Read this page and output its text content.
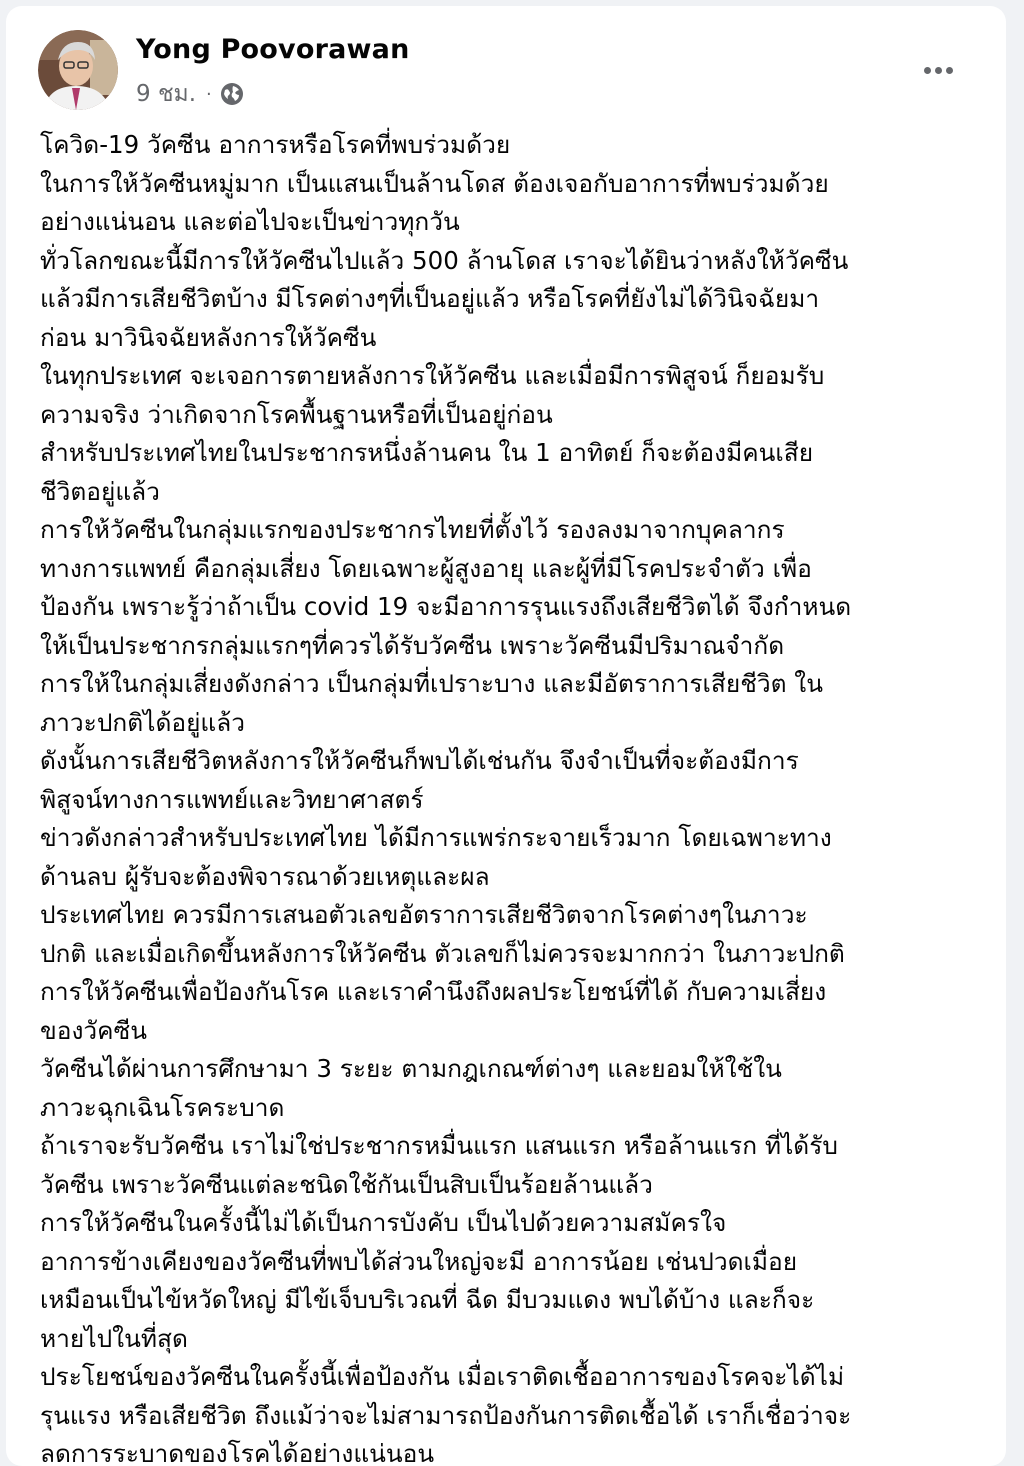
Yong Poovorawan
9 ชม. ·

โควิด-19 วัคซีน อาการหรือโรคที่พบร่วมด้วย

ในการให้วัคซีนหมู่มาก เป็นแสนเป็นล้านโดส ต้องเจอกับอาการที่พบร่วมด้วย

อย่างแน่นอน และต่อไปจะเป็นข่าวทุกวัน

ทั่วโลกขณะนี้มีการให้วัคซีนไปแล้ว 500 ล้านโดส เราจะได้ยินว่าหลังให้วัคซีน

แล้วมีการเสียชีวิตบ้าง มีโรคต่างๆที่เป็นอยู่แล้ว หรือโรคที่ยังไม่ได้วินิจฉัยมา

ก่อน มาวินิจฉัยหลังการให้วัคซีน

ในทุกประเทศ จะเจอการตายหลังการให้วัคซีน และเมื่อมีการพิสูจน์ ก็ยอมรับ

ความจริง ว่าเกิดจากโรคพื้นฐานหรือที่เป็นอยู่ก่อน

สำหรับประเทศไทยในประชากรหนึ่งล้านคน ใน 1 อาทิตย์ ก็จะต้องมีคนเสีย

ชีวิตอยู่แล้ว

การให้วัคซีนในกลุ่มแรกของประชากรไทยที่ตั้งไว้ รองลงมาจากบุคลากร

ทางการแพทย์ คือกลุ่มเสี่ยง โดยเฉพาะผู้สูงอายุ และผู้ที่มีโรคประจำตัว เพื่อ

ป้องกัน เพราะรู้ว่าถ้าเป็น covid 19 จะมีอาการรุนแรงถึงเสียชีวิตได้ จึงกำหนด

ให้เป็นประชากรกลุ่มแรกๆที่ควรได้รับวัคซีน เพราะวัคซีนมีปริมาณจำกัด

การให้ในกลุ่มเสี่ยงดังกล่าว เป็นกลุ่มที่เปราะบาง และมีอัตราการเสียชีวิต ใน

ภาวะปกติได้อยู่แล้ว

ดังนั้นการเสียชีวิตหลังการให้วัคซีนก็พบได้เช่นกัน จึงจำเป็นที่จะต้องมีการ

พิสูจน์ทางการแพทย์และวิทยาศาสตร์

ข่าวดังกล่าวสำหรับประเทศไทย ได้มีการแพร่กระจายเร็วมาก โดยเฉพาะทาง

ด้านลบ ผู้รับจะต้องพิจารณาด้วยเหตุและผล

ประเทศไทย ควรมีการเสนอตัวเลขอัตราการเสียชีวิตจากโรคต่างๆในภาวะ

ปกติ และเมื่อเกิดขึ้นหลังการให้วัคซีน ตัวเลขก็ไม่ควรจะมากกว่า ในภาวะปกติ

การให้วัคซีนเพื่อป้องกันโรค และเราคำนึงถึงผลประโยชน์ที่ได้ กับความเสี่ยง

ของวัคซีน

วัคซีนได้ผ่านการศึกษามา 3 ระยะ ตามกฎเกณฑ์ต่างๆ และยอมให้ใช้ใน

ภาวะฉุกเฉินโรคระบาด

ถ้าเราจะรับวัคซีน เราไม่ใช่ประชากรหมื่นแรก แสนแรก หรือล้านแรก ที่ได้รับ

วัคซีน เพราะวัคซีนแต่ละชนิดใช้กันเป็นสิบเป็นร้อยล้านแล้ว

การให้วัคซีนในครั้งนี้ไม่ได้เป็นการบังคับ เป็นไปด้วยความสมัครใจ

อาการข้างเคียงของวัคซีนที่พบได้ส่วนใหญ่จะมี อาการน้อย เช่นปวดเมื่อย

เหมือนเป็นไข้หวัดใหญ่ มีไข้เจ็บบริเวณที่ ฉีด มีบวมแดง พบได้บ้าง และก็จะ

หายไปในที่สุด

ประโยชน์ของวัคซีนในครั้งนี้เพื่อป้องกัน เมื่อเราติดเชื้ออาการของโรคจะได้ไม่

รุนแรง หรือเสียชีวิต ถึงแม้ว่าจะไม่สามารถป้องกันการติดเชื้อได้ เราก็เชื่อว่าจะ

ลดการระบาดของโรคได้อย่างแน่นอน
